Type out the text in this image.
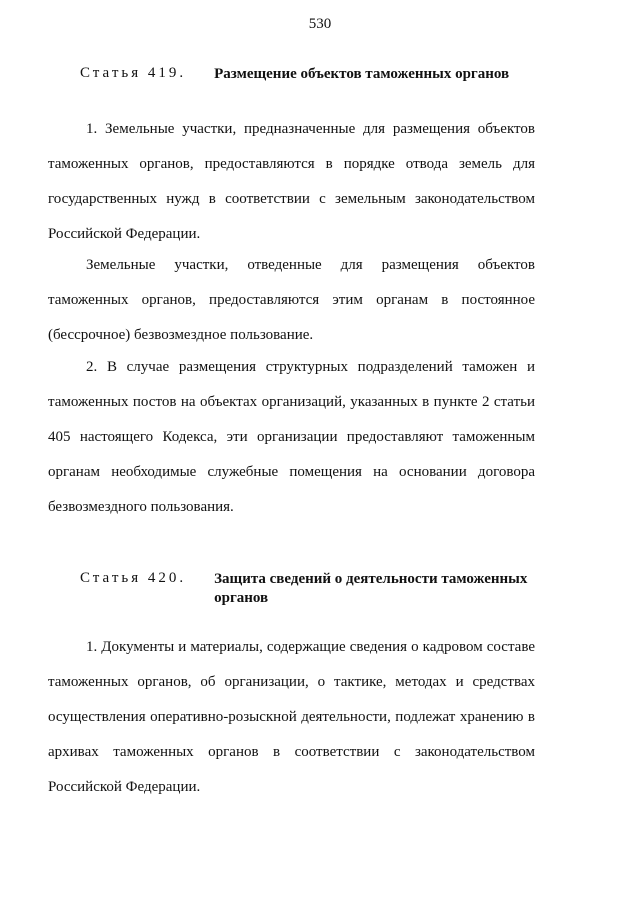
530
Статья 419. Размещение объектов таможенных органов

1. Земельные участки, предназначенные для размещения объектов таможенных органов, предоставляются в порядке отвода земель для государственных нужд в соответствии с земельным законодательством Российской Федерации.

Земельные участки, отведенные для размещения объектов таможенных органов, предоставляются этим органам в постоянное (бессрочное) безвозмездное пользование.

2. В случае размещения структурных подразделений таможен и таможенных постов на объектах организаций, указанных в пункте 2 статьи 405 настоящего Кодекса, эти организации предоставляют таможенным органам необходимые служебные помещения на основании договора безвозмездного пользования.

Статья 420. Защита сведений о деятельности таможенных органов

1. Документы и материалы, содержащие сведения о кадровом составе таможенных органов, об организации, о тактике, методах и средствах осуществления оперативно-розыскной деятельности, подлежат хранению в архивах таможенных органов в соответствии с законодательством Российской Федерации.
